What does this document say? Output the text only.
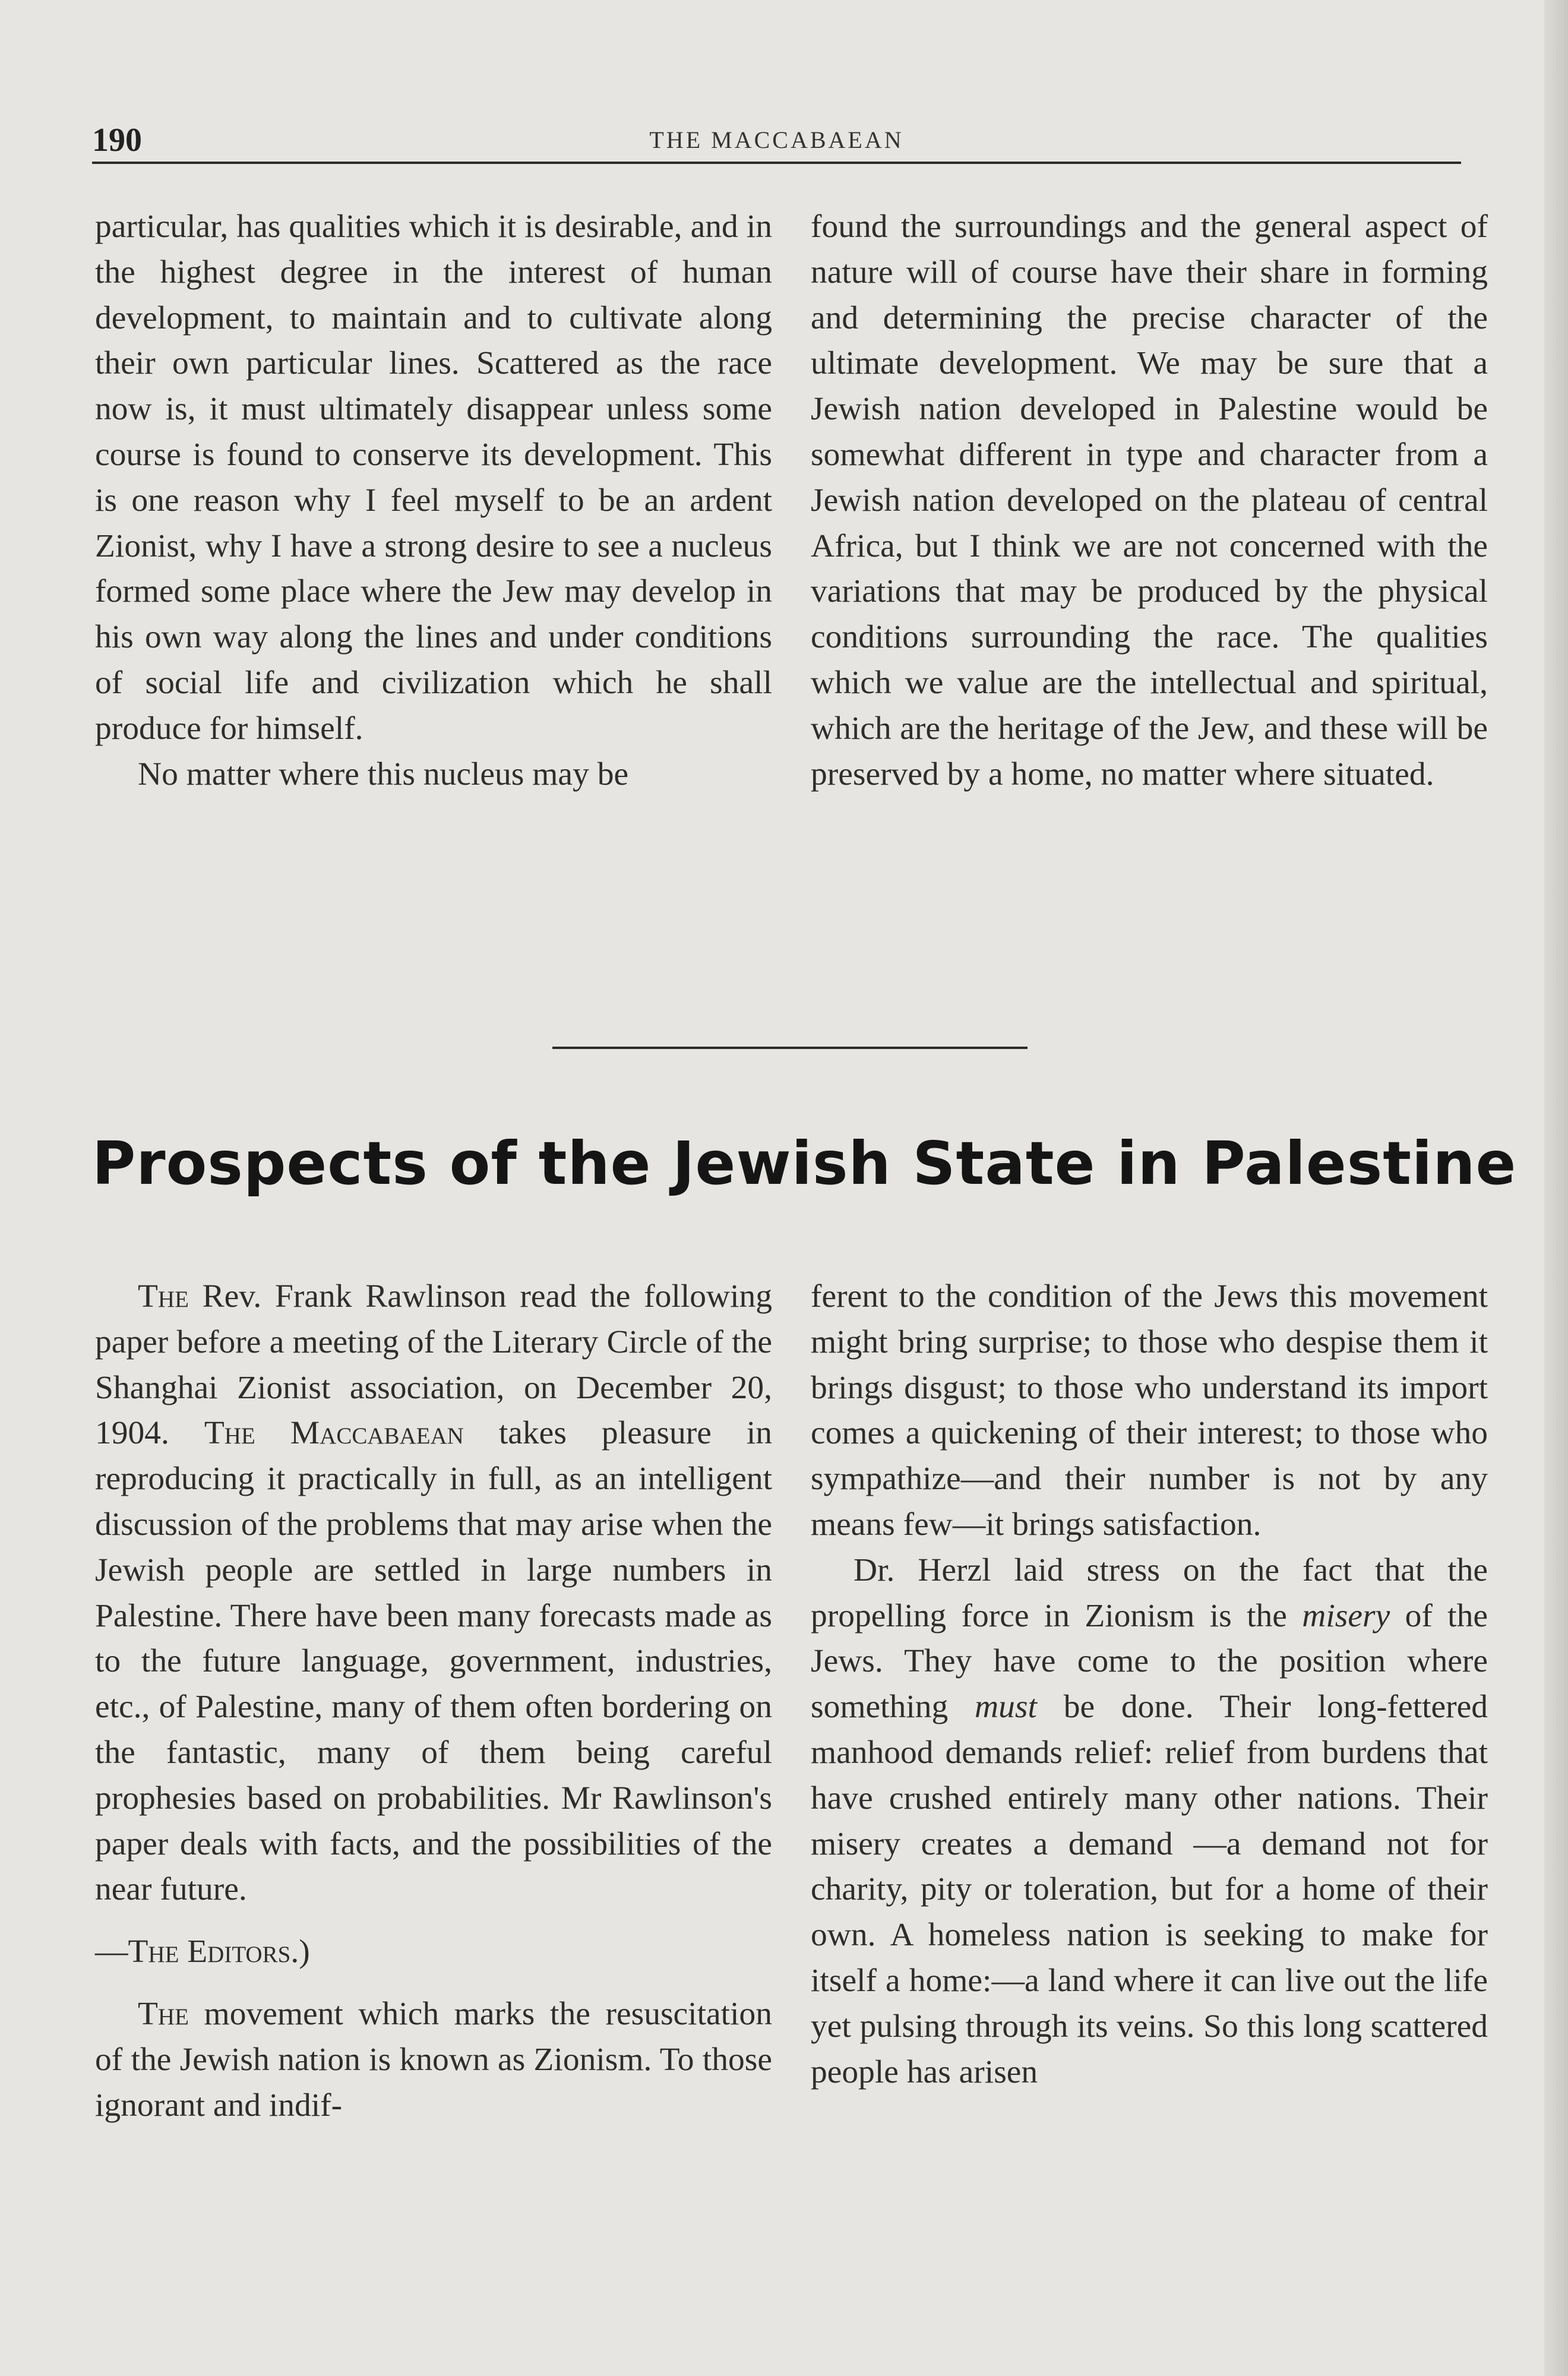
190	THE MACCABAEAN

particular, has qualities which it is desirable, and in the highest degree in the interest of human development, to maintain and to cultivate along their own particular lines. Scattered as the race now is, it must ultimately disappear unless some course is found to conserve its development. This is one reason why I feel myself to be an ardent Zionist, why I have a strong desire to see a nucleus formed some place where the Jew may develop in his own way along the lines and under conditions of social life and civilization which he shall produce for himself.

No matter where this nucleus may be

found the surroundings and the general aspect of nature will of course have their share in forming and determining the precise character of the ultimate development. We may be sure that a Jewish nation developed in Palestine would be somewhat different in type and character from a Jewish nation developed on the plateau of central Africa, but I think we are not concerned with the variations that may be produced by the physical conditions surrounding the race. The qualities which we value are the intellectual and spiritual, which are the heritage of the Jew, and these will be preserved by a home, no matter where situated.

Prospects of the Jewish State in Palestine

The Rev. Frank Rawlinson read the following paper before a meeting of the Literary Circle of the Shanghai Zionist association, on December 20, 1904. The Maccabaean takes pleasure in reproducing it practically in full, as an intelligent discussion of the problems that may arise when the Jewish people are settled in large numbers in Palestine. There have been many forecasts made as to the future language, government, industries, etc., of Palestine, many of them often bordering on the fantastic, many of them being careful prophesies based on probabilities. Mr Rawlinson's paper deals with facts, and the possibilities of the near future.

—The Editors.)

The movement which marks the resuscitation of the Jewish nation is known as Zionism. To those ignorant and indif-

ferent to the condition of the Jews this movement might bring surprise; to those who despise them it brings disgust; to those who understand its import comes a quickening of their interest; to those who sympathize—and their number is not by any means few—it brings satisfaction.

Dr. Herzl laid stress on the fact that the propelling force in Zionism is the misery of the Jews. They have come to the position where something must be done. Their long-fettered manhood demands relief: relief from burdens that have crushed entirely many other nations. Their misery creates a demand —a demand not for charity, pity or toleration, but for a home of their own. A homeless nation is seeking to make for itself a home:—a land where it can live out the life yet pulsing through its veins. So this long scattered people has arisen
